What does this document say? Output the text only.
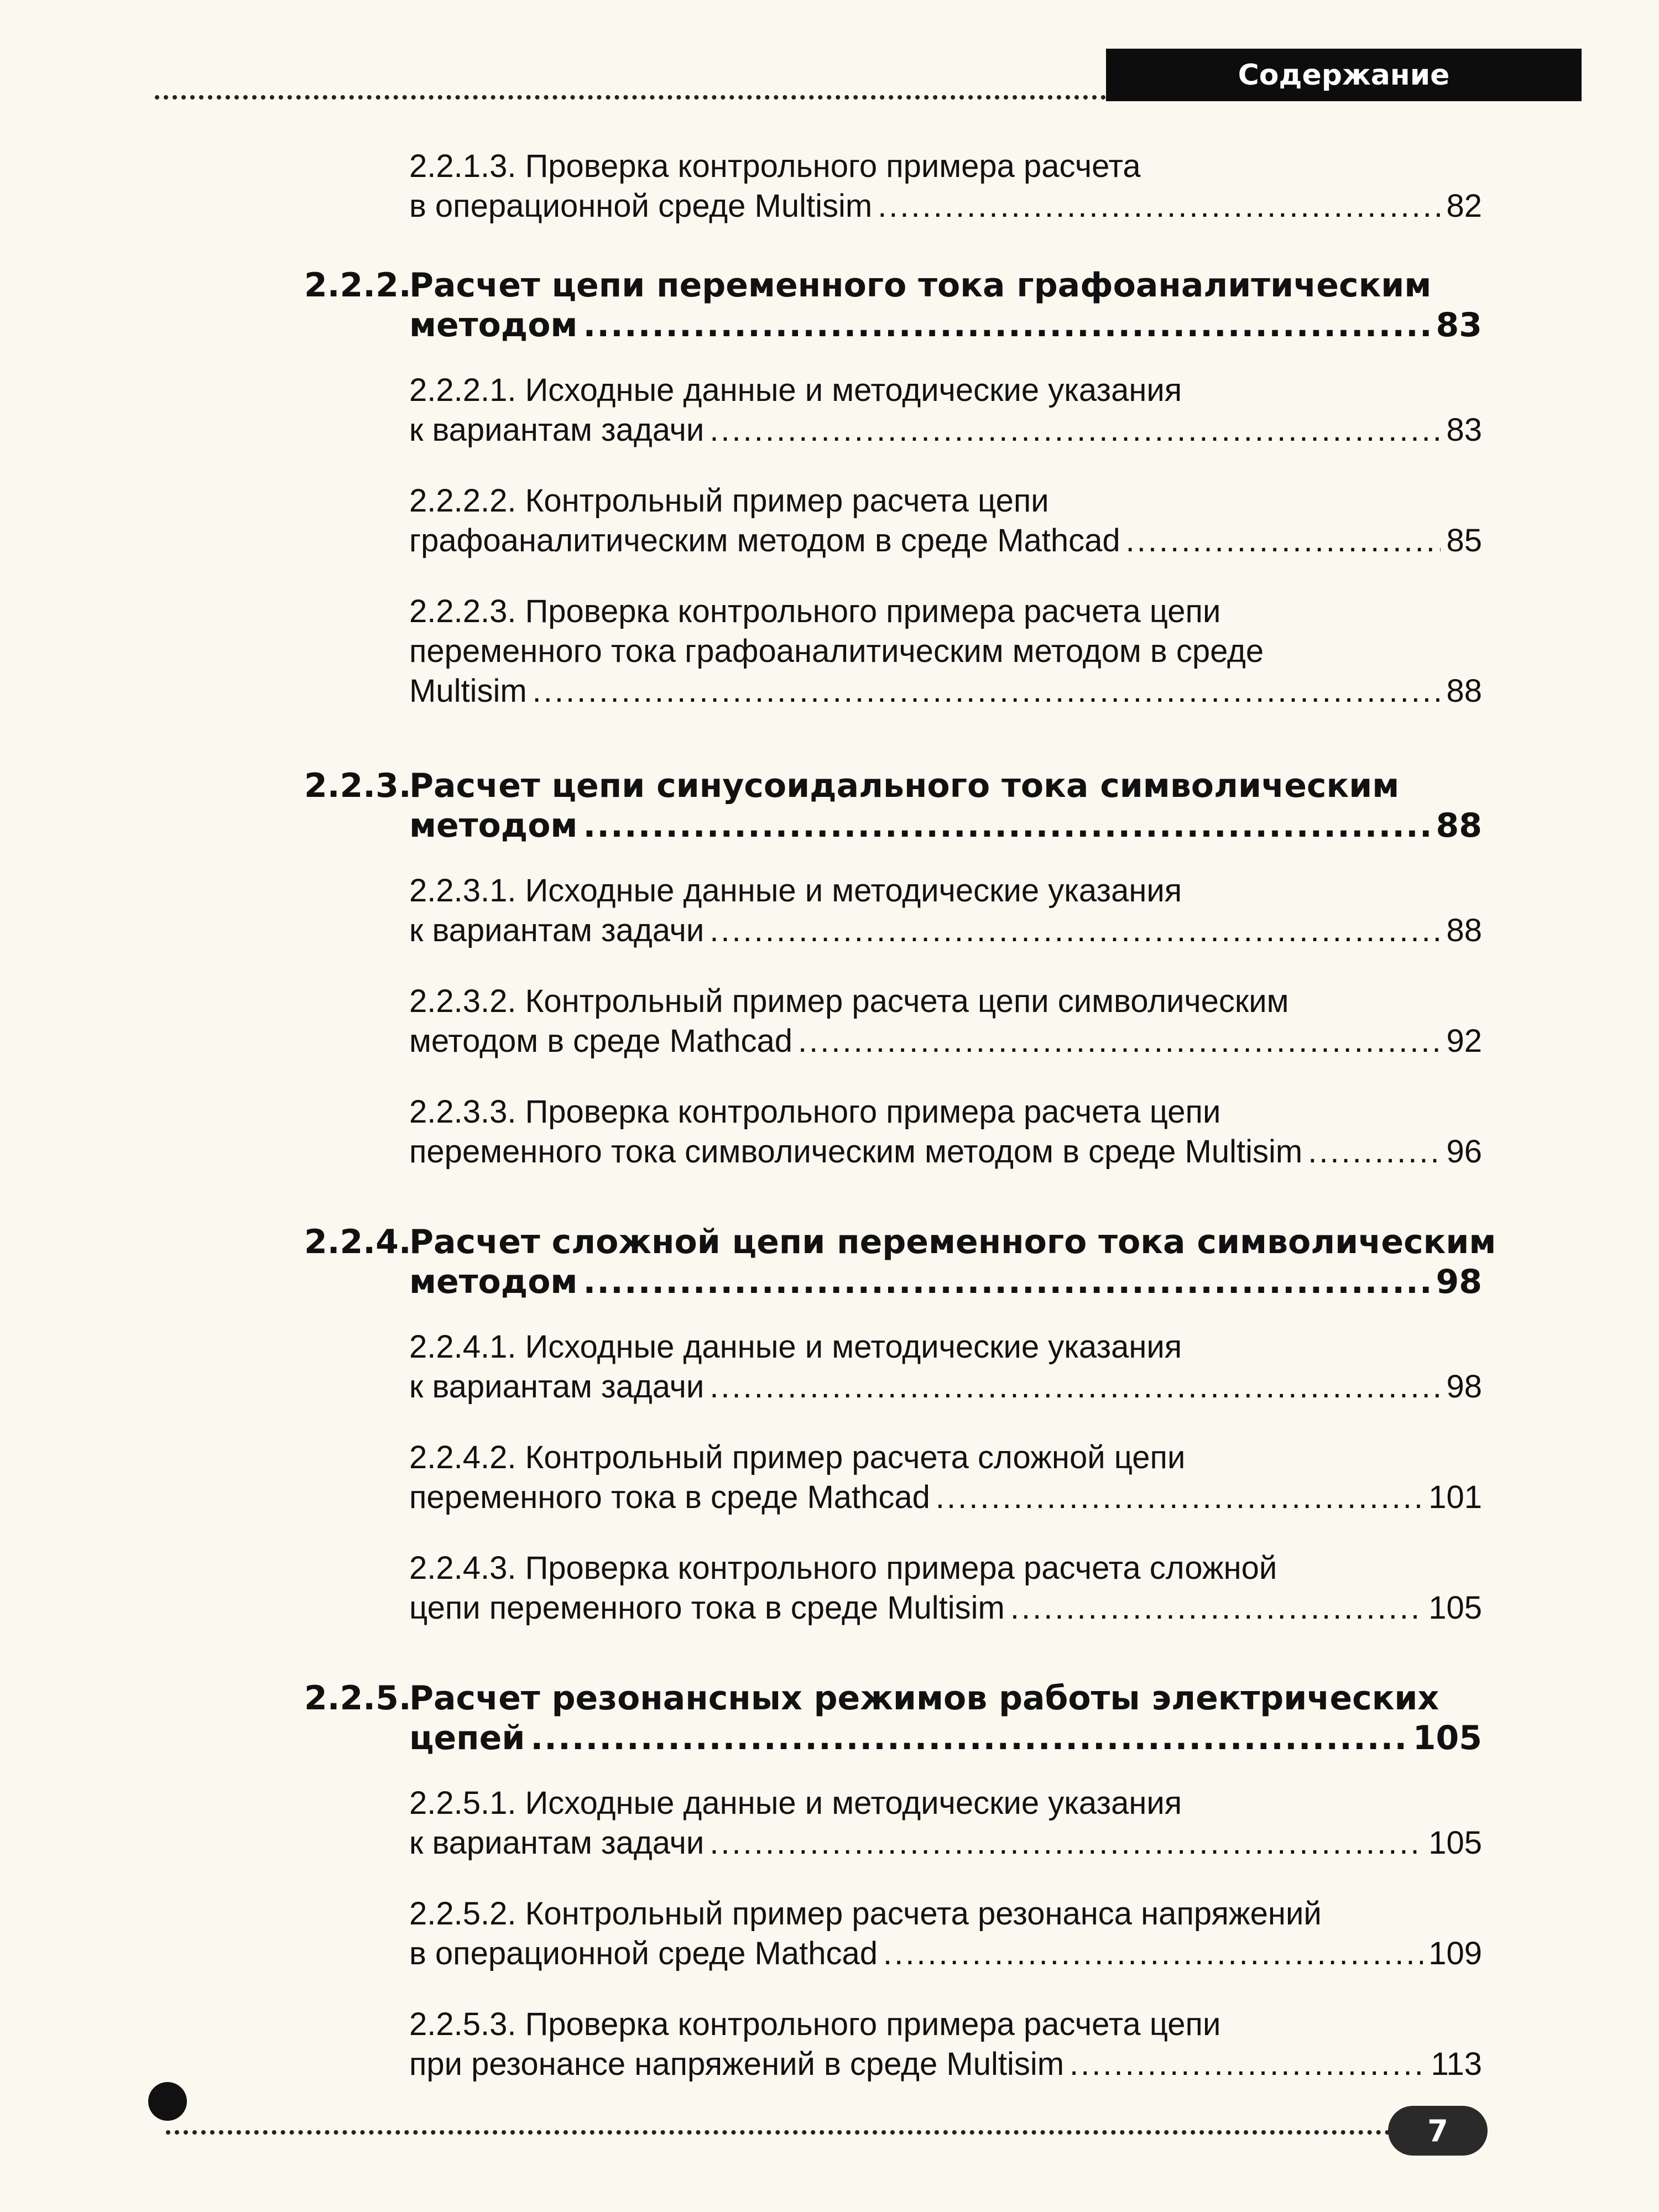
Содержание
2.2.1.3. Проверка контрольного примера расчета
в операционной среде Multisim .....	82
2.2.2.
Расчет цепи переменного тока графоаналитическим
методом .....	83
2.2.2.1. Исходные данные и методические указания
к вариантам задачи .....	83
2.2.2.2. Контрольный пример расчета цепи
графоаналитическим методом в среде Mathcad .....	85
2.2.2.3. Проверка контрольного примера расчета цепи
переменного тока графоаналитическим методом в среде
Multisim .....	88
2.2.3.
Расчет цепи синусоидального тока символическим
методом .....	88
2.2.3.1. Исходные данные и методические указания
к вариантам задачи .....	88
2.2.3.2. Контрольный пример расчета цепи символическим
методом в среде Mathcad .....	92
2.2.3.3. Проверка контрольного примера расчета цепи
переменного тока символическим методом в среде Multisim .....	96
2.2.4.
Расчет сложной цепи переменного тока символическим
методом .....	98
2.2.4.1. Исходные данные и методические указания
к вариантам задачи .....	98
2.2.4.2. Контрольный пример расчета сложной цепи
переменного тока в среде Mathcad .....	101
2.2.4.3. Проверка контрольного примера расчета сложной
цепи переменного тока в среде Multisim .....	105
2.2.5.
Расчет резонансных режимов работы электрических
цепей .....	105
2.2.5.1. Исходные данные и методические указания
к вариантам задачи .....	105
2.2.5.2. Контрольный пример расчета резонанса напряжений
в операционной среде Mathcad .....	109
2.2.5.3. Проверка контрольного примера расчета цепи
при резонансе напряжений в среде Multisim .....	113
7
